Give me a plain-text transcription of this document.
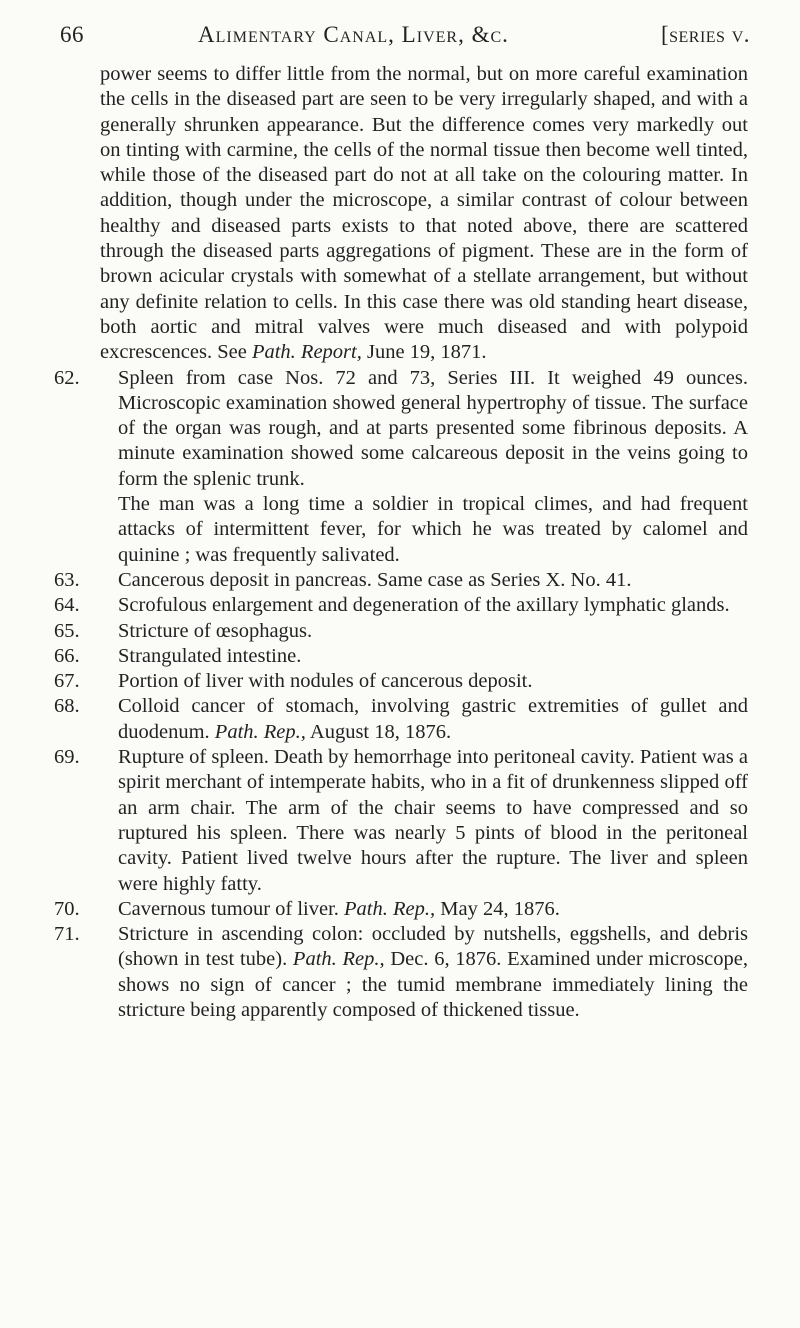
66	Alimentary Canal, Liver, &c.	[series v.

power seems to differ little from the normal, but on more careful examination the cells in the diseased part are seen to be very irregularly shaped, and with a generally shrunken appearance. But the difference comes very markedly out on tinting with carmine, the cells of the normal tissue then become well tinted, while those of the diseased part do not at all take on the colouring matter. In addition, though under the microscope, a similar contrast of colour between healthy and diseased parts exists to that noted above, there are scattered through the diseased parts aggregations of pigment. These are in the form of brown acicular crystals with somewhat of a stellate arrangement, but without any definite relation to cells. In this case there was old standing heart disease, both aortic and mitral valves were much diseased and with polypoid excrescences. See Path. Report, June 19, 1871.

62. Spleen from case Nos. 72 and 73, Series III. It weighed 49 ounces. Microscopic examination showed general hypertrophy of tissue. The surface of the organ was rough, and at parts presented some fibrinous deposits. A minute examination showed some calcareous deposit in the veins going to form the splenic trunk.
The man was a long time a soldier in tropical climes, and had frequent attacks of intermittent fever, for which he was treated by calomel and quinine ; was frequently salivated.
63. Cancerous deposit in pancreas. Same case as Series X. No. 41.
64. Scrofulous enlargement and degeneration of the axillary lymphatic glands.
65. Stricture of œsophagus.
66. Strangulated intestine.
67. Portion of liver with nodules of cancerous deposit.
68. Colloid cancer of stomach, involving gastric extremities of gullet and duodenum. Path. Rep., August 18, 1876.
69. Rupture of spleen. Death by hemorrhage into peritoneal cavity. Patient was a spirit merchant of intemperate habits, who in a fit of drunkenness slipped off an arm chair. The arm of the chair seems to have compressed and so ruptured his spleen. There was nearly 5 pints of blood in the peritoneal cavity. Patient lived twelve hours after the rupture. The liver and spleen were highly fatty.
70. Cavernous tumour of liver. Path. Rep., May 24, 1876.
71. Stricture in ascending colon: occluded by nutshells, eggshells, and debris (shown in test tube). Path. Rep., Dec. 6, 1876. Examined under microscope, shows no sign of cancer ; the tumid membrane immediately lining the stricture being apparently composed of thickened tissue.
